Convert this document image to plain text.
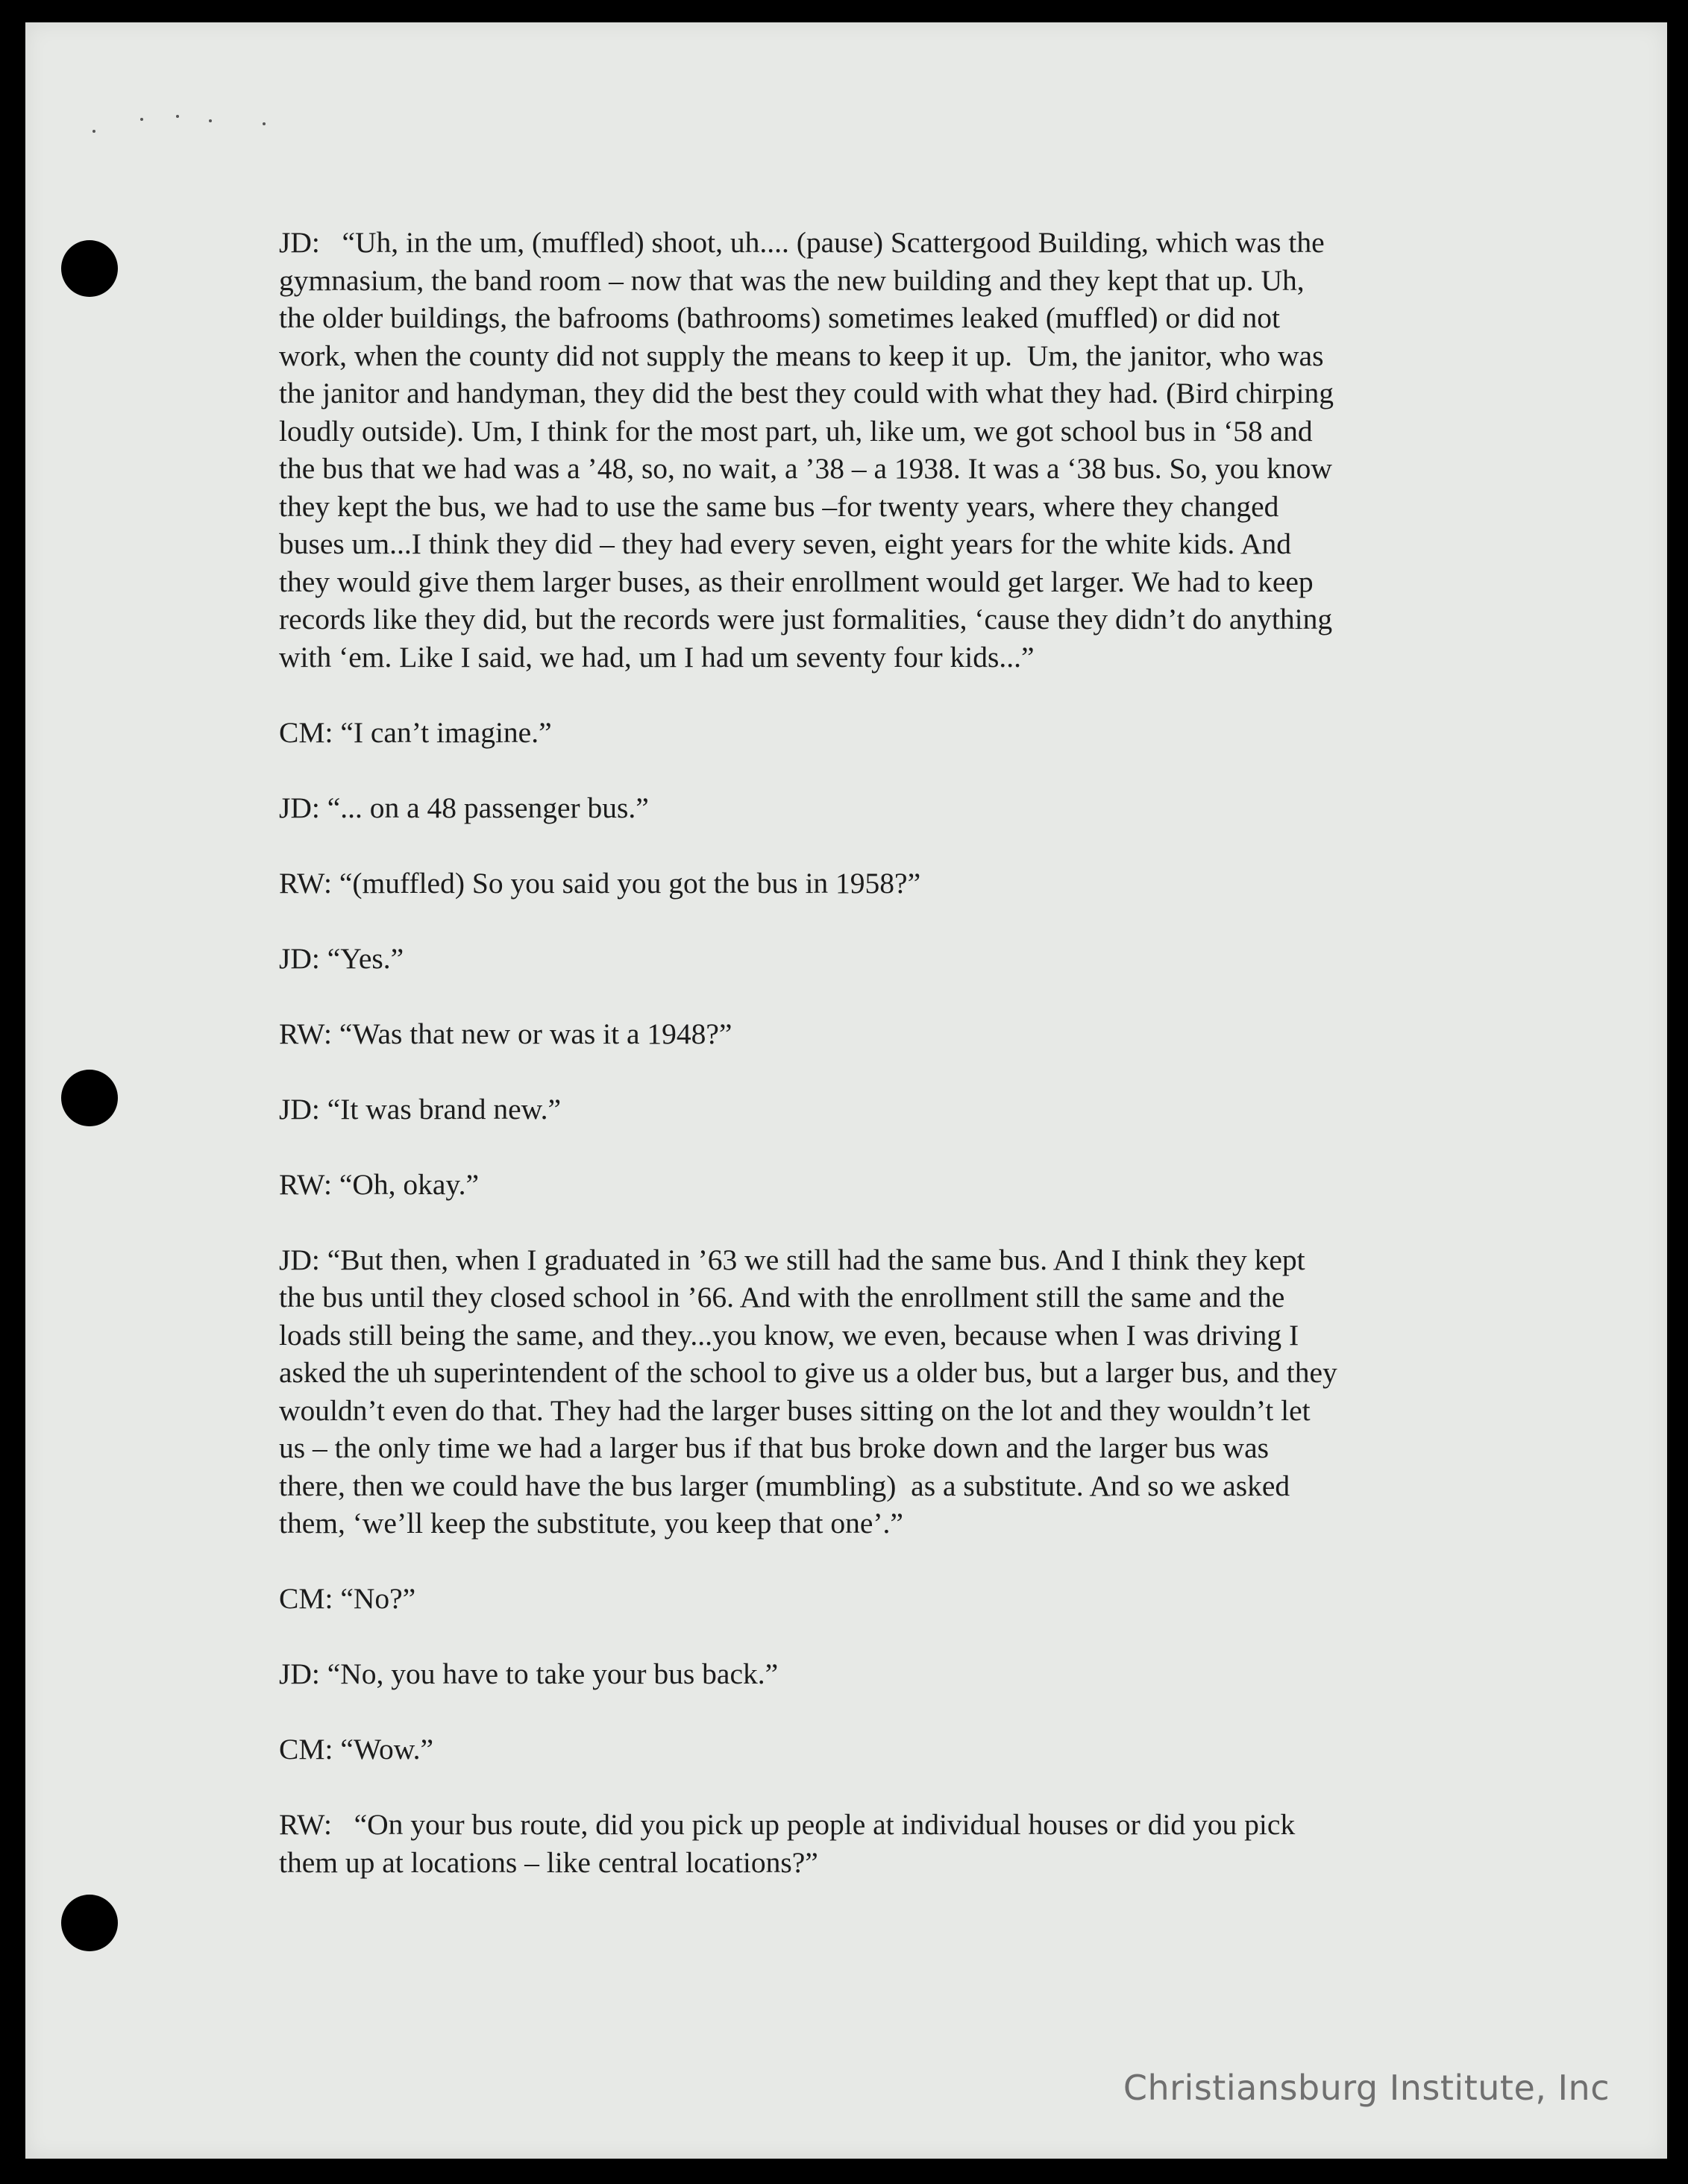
JD:   “Uh, in the um, (muffled) shoot, uh.... (pause) Scattergood Building, which was the
gymnasium, the band room – now that was the new building and they kept that up. Uh,
the older buildings, the bafrooms (bathrooms) sometimes leaked (muffled) or did not
work, when the county did not supply the means to keep it up.  Um, the janitor, who was
the janitor and handyman, they did the best they could with what they had. (Bird chirping
loudly outside). Um, I think for the most part, uh, like um, we got school bus in ‘58 and
the bus that we had was a ’48, so, no wait, a ’38 – a 1938. It was a ‘38 bus. So, you know
they kept the bus, we had to use the same bus –for twenty years, where they changed
buses um...I think they did – they had every seven, eight years for the white kids. And
they would give them larger buses, as their enrollment would get larger. We had to keep
records like they did, but the records were just formalities, ‘cause they didn’t do anything
with ‘em. Like I said, we had, um I had um seventy four kids...”
CM: “I can’t imagine.”
JD: “... on a 48 passenger bus.”
RW: “(muffled) So you said you got the bus in 1958?”
JD: “Yes.”
RW: “Was that new or was it a 1948?”
JD: “It was brand new.”
RW: “Oh, okay.”
JD: “But then, when I graduated in ’63 we still had the same bus. And I think they kept
the bus until they closed school in ’66. And with the enrollment still the same and the
loads still being the same, and they...you know, we even, because when I was driving I
asked the uh superintendent of the school to give us a older bus, but a larger bus, and they
wouldn’t even do that. They had the larger buses sitting on the lot and they wouldn’t let
us – the only time we had a larger bus if that bus broke down and the larger bus was
there, then we could have the bus larger (mumbling)  as a substitute. And so we asked
them, ‘we’ll keep the substitute, you keep that one’.”
CM: “No?”
JD: “No, you have to take your bus back.”
CM: “Wow.”
RW:   “On your bus route, did you pick up people at individual houses or did you pick
them up at locations – like central locations?”
Christiansburg Institute, Inc
